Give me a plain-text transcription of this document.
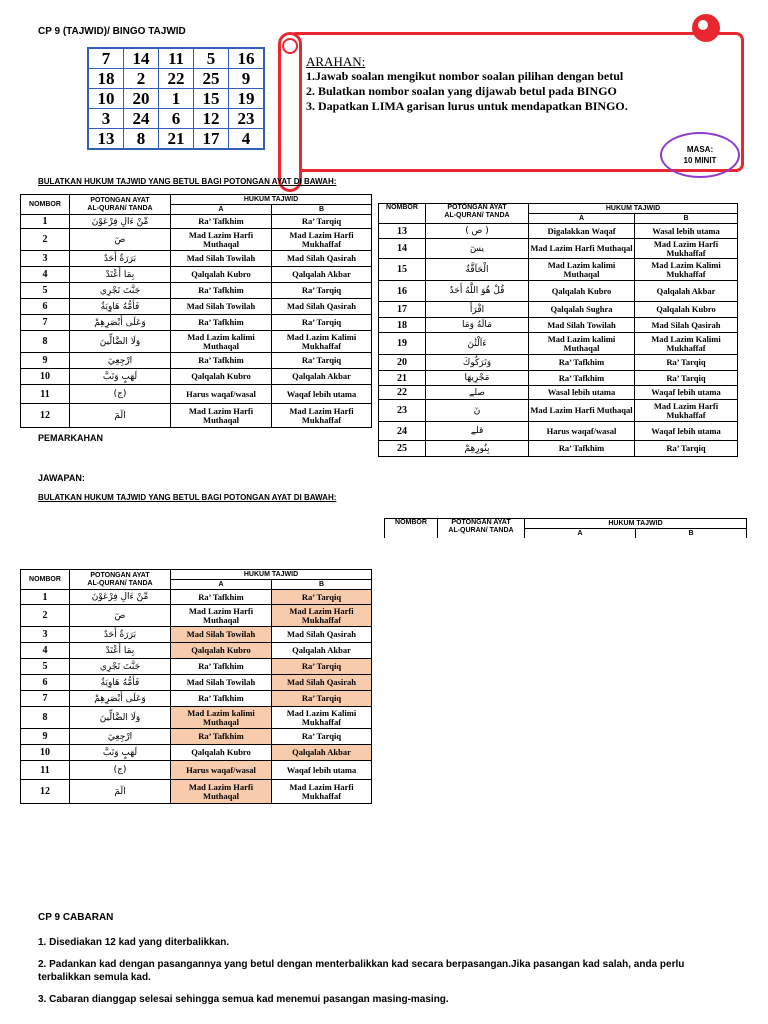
CP 9 (TAJWID)/ BINGO TAJWID
7	14	11	5	16
18	2	22	25	9
10	20	1	15	19
3	24	6	12	23
13	8	21	17	4
ARAHAN:
1.Jawab soalan mengikut nombor soalan pilihan dengan betul
2. Bulatkan nombor soalan yang dijawab betul pada BINGO
3. Dapatkan LIMA garisan lurus untuk mendapatkan BINGO.
MASA:
10 MINIT
BULATKAN HUKUM TAJWID YANG BETUL BAGI POTONGAN AYAT DI BAWAH:
NOMBOR	POTONGAN AYAT
AL-QURAN/ TANDA	HUKUM TAJWID	
		A	B
1	مِّنْ ءَالِ فِرْعَوْنَ	Ra’ Tafkhim	Ra’ Tarqiq
2	صٓ	Mad Lazim Harfi Muthaqal	Mad Lazim Harfi Mukhaffaf
3	بَرَرَةٌ أَحَدٌ	Mad Silah Towilah	Mad Silah Qasirah
4	بِمَا أَعْتَدْ	Qalqalah Kubro	Qalqalah Akbar
5	جَنَّتَ تَجْرِي	Ra’ Tafkhim	Ra’ Tarqiq
6	فَأُمُّهُ هَاوِيَةٌ	Mad Silah Towilah	Mad Silah Qasirah
7	وَعَلَى أَبْصَرِهِمْ	Ra’ Tafkhim	Ra’ Tarqiq
8	وَلَا الضَّالِّينَ	Mad Lazim kalimi Muthaqal	Mad Lazim Kalimi Mukhaffaf
9	ارْجِعِيٓ	Ra’ Tafkhim	Ra’ Tarqiq
10	لَهَبٍ وَتَبَّ	Qalqalah Kubro	Qalqalah Akbar
11	(ج)	Harus waqaf/wasal	Waqaf lebih utama
12	الٓمٓ	Mad Lazim Harfi Muthaqal	Mad Lazim Harfi Mukhaffaf
PEMARKAHAN
NOMBOR	POTONGAN AYAT
AL-QURAN/ TANDA	HUKUM TAJWID	
		A	B
13	( ص )	Digalakkan Waqaf	Wasal lebih utama
14	يسٓ	Mad Lazim Harfi Muthaqal	Mad Lazim Harfi Mukhaffaf
15	الْحَآقَّةُ	Mad Lazim kalimi Muthaqal	Mad Lazim Kalimi Mukhaffaf
16	قُلْ هُوَ اللَّهُ أَحَدٌ	Qalqalah Kubro	Qalqalah Akbar
17	اقْرَأْ	Qalqalah Sughra	Qalqalah Kubro
18	مَالَهُ وَمَا	Mad Silah Towilah	Mad Silah Qasirah
19	ءَآلْئَٰنَ	Mad Lazim kalimi Muthaqal	Mad Lazim Kalimi Mukhaffaf
20	وَتَرَكُوكَ	Ra’ Tafkhim	Ra’ Tarqiq
21	مَجْرِيهَا	Ra’ Tafkhim	Ra’ Tarqiq
22	صلے	Wasal lebih utama	Waqaf lebih utama
23	نٓ	Mad Lazim Harfi Muthaqal	Mad Lazim Harfi Mukhaffaf
24	قلے	Harus waqaf/wasal	Waqaf lebih utama
25	بِنُورِهِمْ	Ra’ Tafkhim	Ra’ Tarqiq
JAWAPAN:
BULATKAN HUKUM TAJWID YANG BETUL BAGI POTONGAN AYAT DI BAWAH:
NOMBOR	POTONGAN AYAT
AL-QURAN/ TANDA	HUKUM TAJWID	
		A	B
NOMBOR	POTONGAN AYAT
AL-QURAN/ TANDA	HUKUM TAJWID	
		A	B
1	مِّنْ ءَالِ فِرْعَوْنَ	Ra’ Tafkhim	Ra’ Tarqiq
2	صٓ	Mad Lazim Harfi Muthaqal	Mad Lazim Harfi Mukhaffaf
3	بَرَرَةٌ أَحَدٌ	Mad Silah Towilah	Mad Silah Qasirah
4	بِمَا أَعْتَدْ	Qalqalah Kubro	Qalqalah Akbar
5	جَنَّتَ تَجْرِي	Ra’ Tafkhim	Ra’ Tarqiq
6	فَأُمُّهُ هَاوِيَةٌ	Mad Silah Towilah	Mad Silah Qasirah
7	وَعَلَى أَبْصَرِهِمْ	Ra’ Tafkhim	Ra’ Tarqiq
8	وَلَا الضَّالِّينَ	Mad Lazim kalimi Muthaqal	Mad Lazim Kalimi Mukhaffaf
9	ارْجِعِيٓ	Ra’ Tafkhim	Ra’ Tarqiq
10	لَهَبٍ وَتَبَّ	Qalqalah Kubro	Qalqalah Akbar
11	(ج)	Harus waqaf/wasal	Waqaf lebih utama
12	الٓمٓ	Mad Lazim Harfi Muthaqal	Mad Lazim Harfi Mukhaffaf
CP 9 CABARAN
1. Disediakan 12 kad yang diterbalikkan.
2. Padankan kad dengan pasangannya yang betul dengan menterbalikkan kad secara berpasangan.Jika pasangan kad salah, anda perlu terbalikkan semula kad.
3. Cabaran dianggap selesai sehingga semua kad menemui pasangan masing-masing.
